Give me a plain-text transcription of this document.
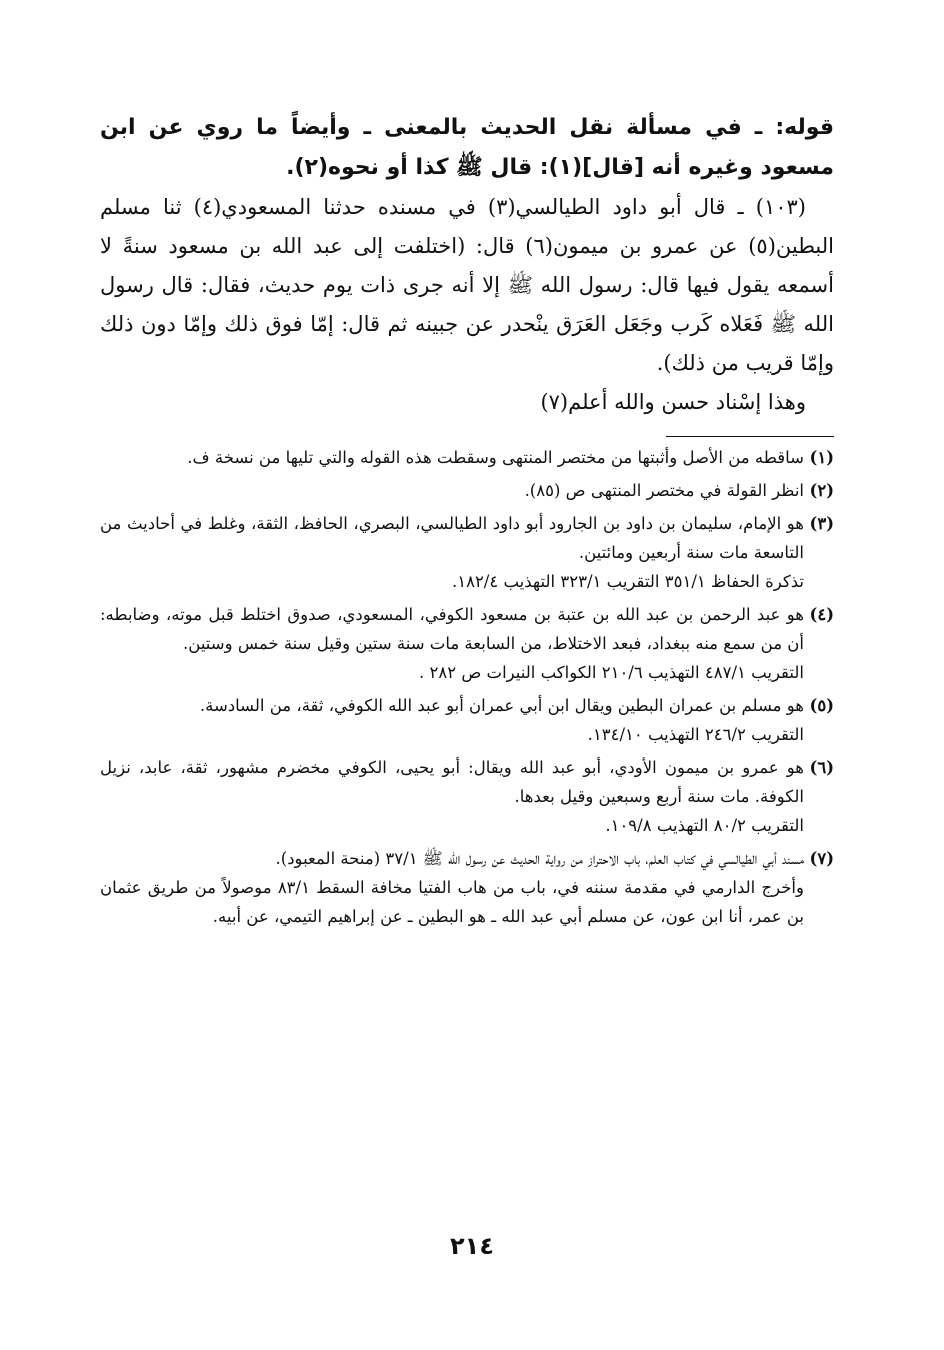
قوله: ـ في مسألة نقل الحديث بالمعنى ـ وأيضاً ما روي عن ابن مسعود وغيره أنه [قال](١): قال ﷺ كذا أو نحوه(٢).

(١٠٣) ـ قال أبو داود الطيالسي(٣) في مسنده حدثنا المسعودي(٤) ثنا مسلم البطين(٥) عن عمرو بن ميمون(٦) قال: (اختلفت إلى عبد الله بن مسعود سنةً لا أسمعه يقول فيها قال: رسول الله ﷺ إلا أنه جرى ذات يوم حديث، فقال: قال رسول الله ﷺ فَعَلاه كَرب وجَعَل العَرَق ينْحدر عن جبينه ثم قال: إمّا فوق ذلك وإمّا دون ذلك وإمّا قريب من ذلك).

وهذا إسْناد حسن والله أعلم(٧)

(١)
ساقطه من الأصل وأثبتها من مختصر المنتهى وسقطت هذه القوله والتي تليها من نسخة ف.
(٢)
انظر القولة في مختصر المنتهى ص (٨٥).
(٣)
هو الإمام، سليمان بن داود بن الجارود أبو داود الطيالسي، البصري، الحافظ، الثقة، وغلط في أحاديث من التاسعة مات سنة أربعين ومائتين.
تذكرة الحفاظ ٣٥١/١ التقريب ٣٢٣/١ التهذيب ١٨٢/٤.
(٤)
هو عبد الرحمن بن عبد الله بن عتبة بن مسعود الكوفي، المسعودي، صدوق اختلط قبل موته، وضابطه: أن من سمع منه ببغداد، فبعد الاختلاط، من السابعة مات سنة ستين وقيل سنة خمس وستين.
التقريب ٤٨٧/١ التهذيب ٢١٠/٦ الكواكب النيرات ص ٢٨٢ .
(٥)
هو مسلم بن عمران البطين ويقال ابن أبي عمران أبو عبد الله الكوفي، ثقة، من السادسة.
التقريب ٢٤٦/٢ التهذيب ١٣٤/١٠.
(٦)
هو عمرو بن ميمون الأودي، أبو عبد الله ويقال: أبو يحيى، الكوفي مخضرم مشهور، ثقة، عابد، نزيل الكوفة. مات سنة أربع وسبعين وقيل بعدها.
التقريب ٨٠/٢ التهذيب ١٠٩/٨.
(٧)
مسند أبي الطيالسي في كتاب العلم، باب الاحتراز من رواية الحديث عن رسول الله ﷺ ٣٧/١ (منحة المعبود).
وأخرج الدارمي في مقدمة سننه في، باب من هاب الفتيا مخافة السقط ٨٣/١ موصولاً من طريق عثمان بن عمر، أنا ابن عون، عن مسلم أبي عبد الله ـ هو البطين ـ عن إبراهيم التيمي، عن أبيه.
٢١٤
